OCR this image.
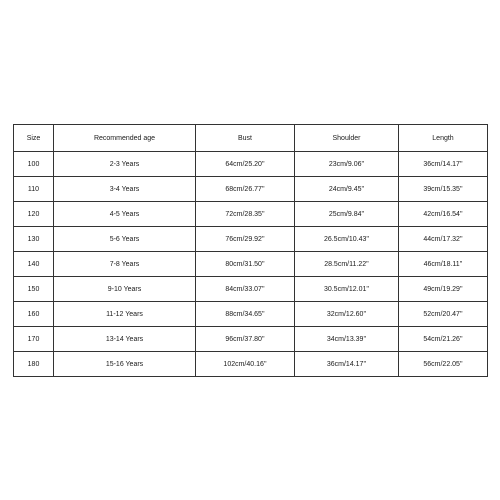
Size	Recommended age	Bust	Shoulder	Length
100	2-3 Years	64cm/25.20''	23cm/9.06''	36cm/14.17''
110	3-4 Years	68cm/26.77''	24cm/9.45''	39cm/15.35''
120	4-5 Years	72cm/28.35''	25cm/9.84''	42cm/16.54''
130	5-6 Years	76cm/29.92''	26.5cm/10.43''	44cm/17.32''
140	7-8 Years	80cm/31.50''	28.5cm/11.22''	46cm/18.11''
150	9-10 Years	84cm/33.07''	30.5cm/12.01''	49cm/19.29''
160	11-12 Years	88cm/34.65''	32cm/12.60''	52cm/20.47''
170	13-14 Years	96cm/37.80''	34cm/13.39''	54cm/21.26''
180	15-16 Years	102cm/40.16''	36cm/14.17''	56cm/22.05''
